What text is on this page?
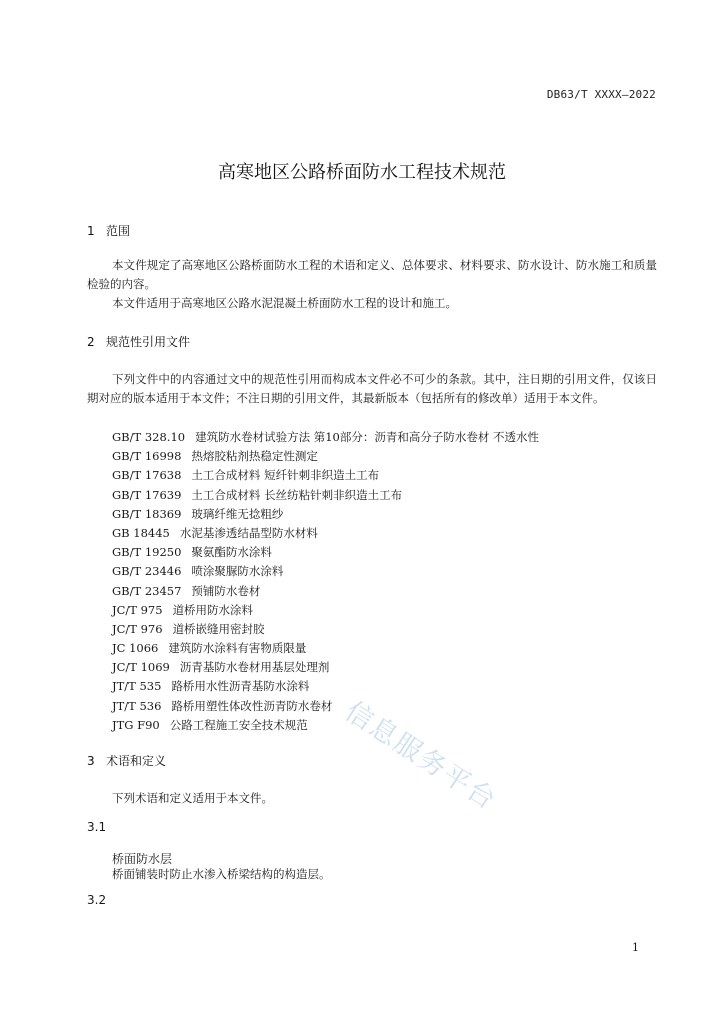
DB63/T XXXX—2022
高寒地区公路桥面防水工程技术规范
1 范围
本文件规定了高寒地区公路桥面防水工程的术语和定义、总体要求、材料要求、防水设计、防水施工和质量检验的内容。
本文件适用于高寒地区公路水泥混凝土桥面防水工程的设计和施工。
2 规范性引用文件
下列文件中的内容通过文中的规范性引用而构成本文件必不可少的条款。其中，注日期的引用文件，仅该日期对应的版本适用于本文件；不注日期的引用文件，其最新版本（包括所有的修改单）适用于本文件。
GB/T 328.10 建筑防水卷材试验方法 第10部分：沥青和高分子防水卷材 不透水性
GB/T 16998 热熔胶粘剂热稳定性测定
GB/T 17638 土工合成材料 短纤针刺非织造土工布
GB/T 17639 土工合成材料 长丝纺粘针刺非织造土工布
GB/T 18369 玻璃纤维无捻粗纱
GB 18445 水泥基渗透结晶型防水材料
GB/T 19250 聚氨酯防水涂料
GB/T 23446 喷涂聚脲防水涂料
GB/T 23457 预铺防水卷材
JC/T 975 道桥用防水涂料
JC/T 976 道桥嵌缝用密封胶
JC 1066 建筑防水涂料有害物质限量
JC/T 1069 沥青基防水卷材用基层处理剂
JT/T 535 路桥用水性沥青基防水涂料
JT/T 536 路桥用塑性体改性沥青防水卷材
JTG F90 公路工程施工安全技术规范
3 术语和定义
下列术语和定义适用于本文件。
3.1
桥面防水层
桥面铺装时防止水渗入桥梁结构的构造层。
3.2
信息服务平台
1
